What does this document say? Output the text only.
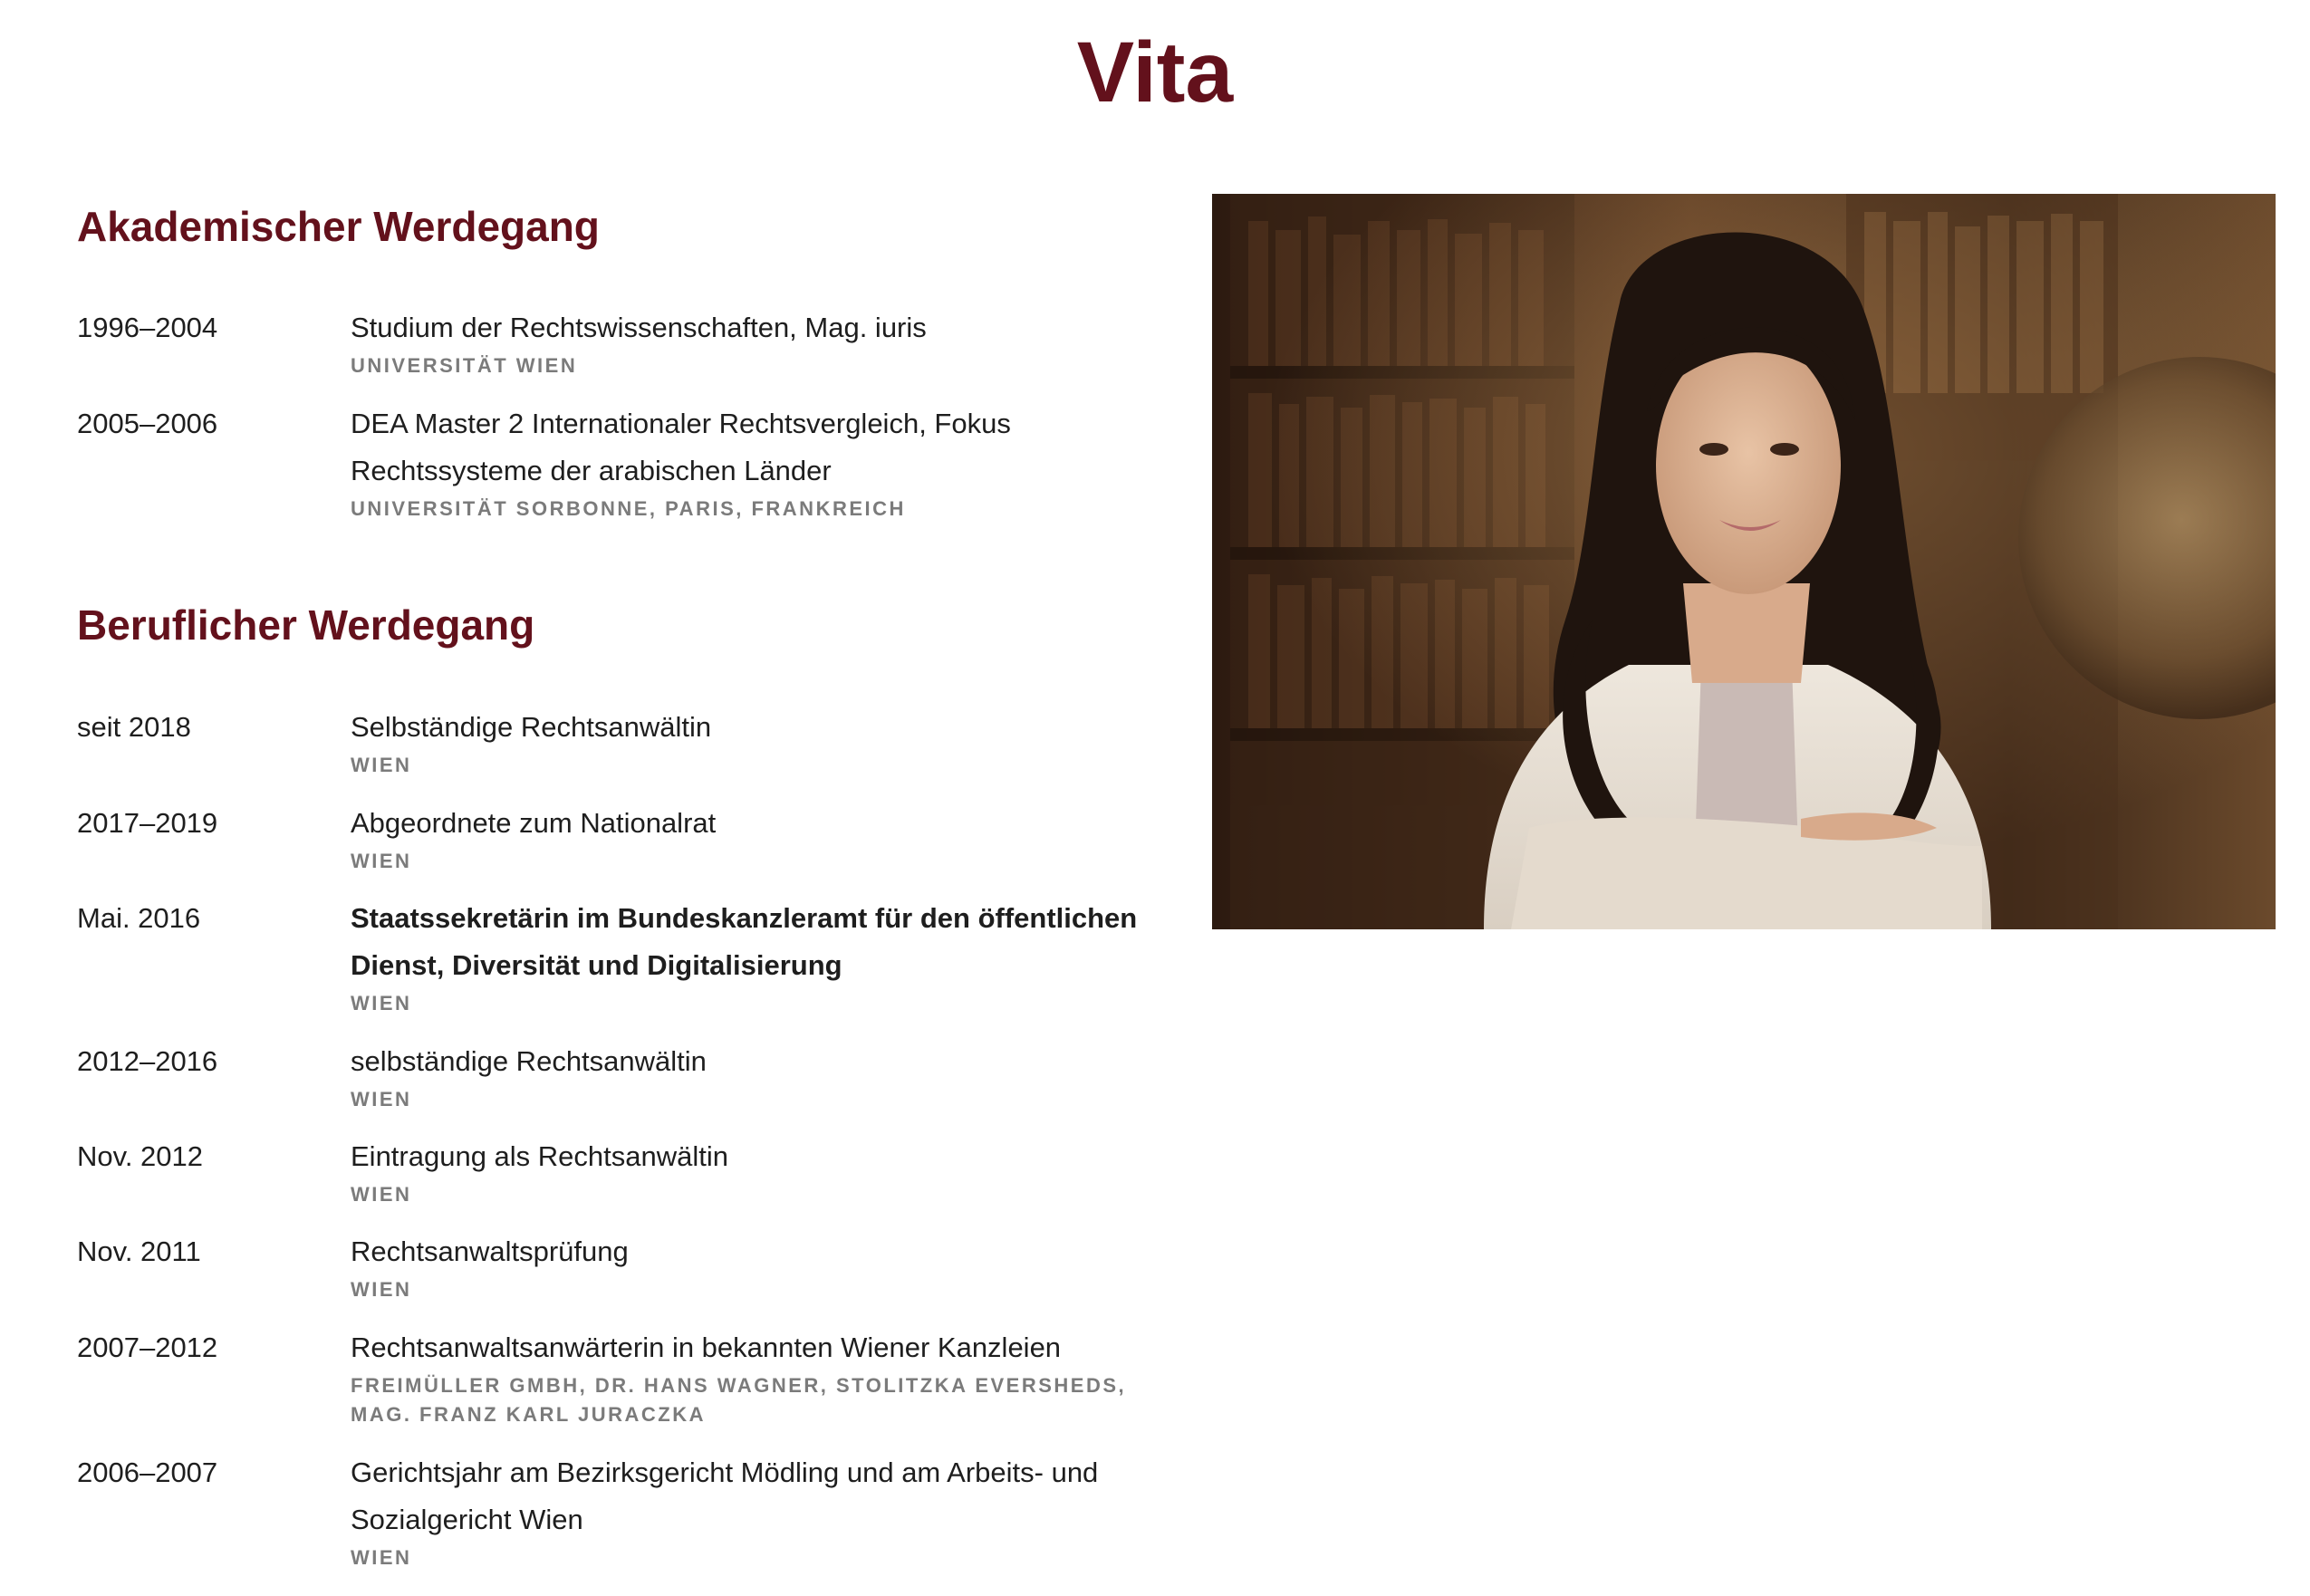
Vita
Akademischer Werdegang
1996–2004	Studium der Rechtswissenschaften, Mag. iuris
UNIVERSITÄT WIEN
2005–2006	DEA Master 2 Internationaler Rechtsvergleich, Fokus Rechtssysteme der arabischen Länder
UNIVERSITÄT SORBONNE, PARIS, FRANKREICH
Beruflicher Werdegang
seit 2018	Selbständige Rechtsanwältin
WIEN
2017–2019	Abgeordnete zum Nationalrat
WIEN
Mai. 2016	Staatssekretärin im Bundeskanzleramt für den öffentlichen Dienst, Diversität und Digitalisierung
WIEN
2012–2016	selbständige Rechtsanwältin
WIEN
Nov. 2012	Eintragung als Rechtsanwältin
WIEN
Nov. 2011	Rechtsanwaltsprüfung
WIEN
2007–2012	Rechtsanwaltsanwärterin in bekannten Wiener Kanzleien
FREIMÜLLER GMBH, DR. HANS WAGNER, STOLITZKA EVERSHEDS, MAG. FRANZ KARL JURACZKA
2006–2007	Gerichtsjahr am Bezirksgericht Mödling und am Arbeits- und Sozialgericht Wien
WIEN
